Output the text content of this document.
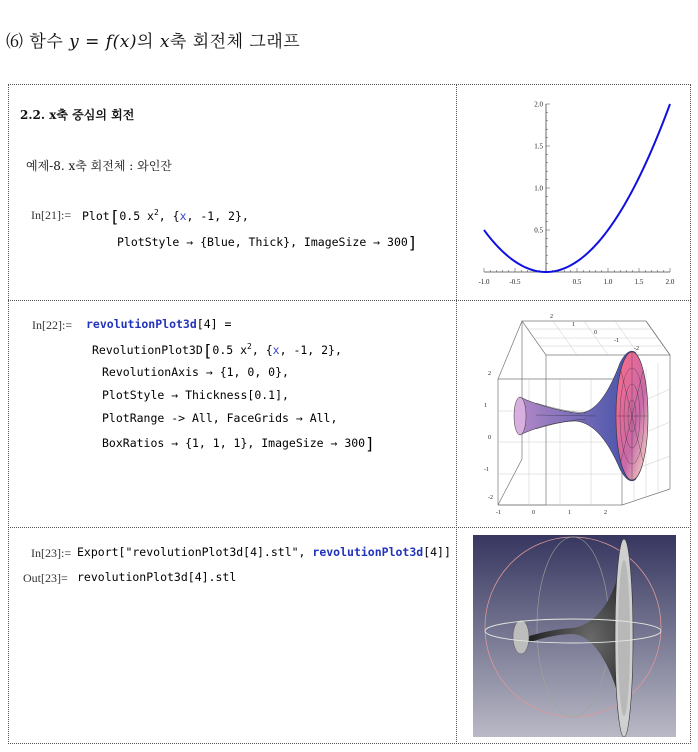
⑹ 함수 y = f(x)의 x축 회전체 그래프
2.2. x축 중심의 회전
예제-8. x축 회전체 : 와인잔
In[21]:= Plot[0.5 $x^2$, {x, -1, 2},
PlotStyle → {Blue, Thick}, ImageSize → 300]
-1.0	-0.5	0.5	1.0	1.5	2.0
0.5
1.0
1.5
2.0
In[22]:= revolutionPlot3d[4] =
RevolutionPlot3D[0.5 $x^2$, {x, -1, 2},
RevolutionAxis → {1, 0, 0},
PlotStyle → Thickness[0.1],
PlotRange -> All, FaceGrids → All,
BoxRatios → {1, 1, 1}, ImageSize → 300]
2
1
0
-1
-2
2
1
0
-1
-2
-1	0	1	2
In[23]:= Export["revolutionPlot3d[4].stl", revolutionPlot3d[4]]
Out[23]= revolutionPlot3d[4].stl
